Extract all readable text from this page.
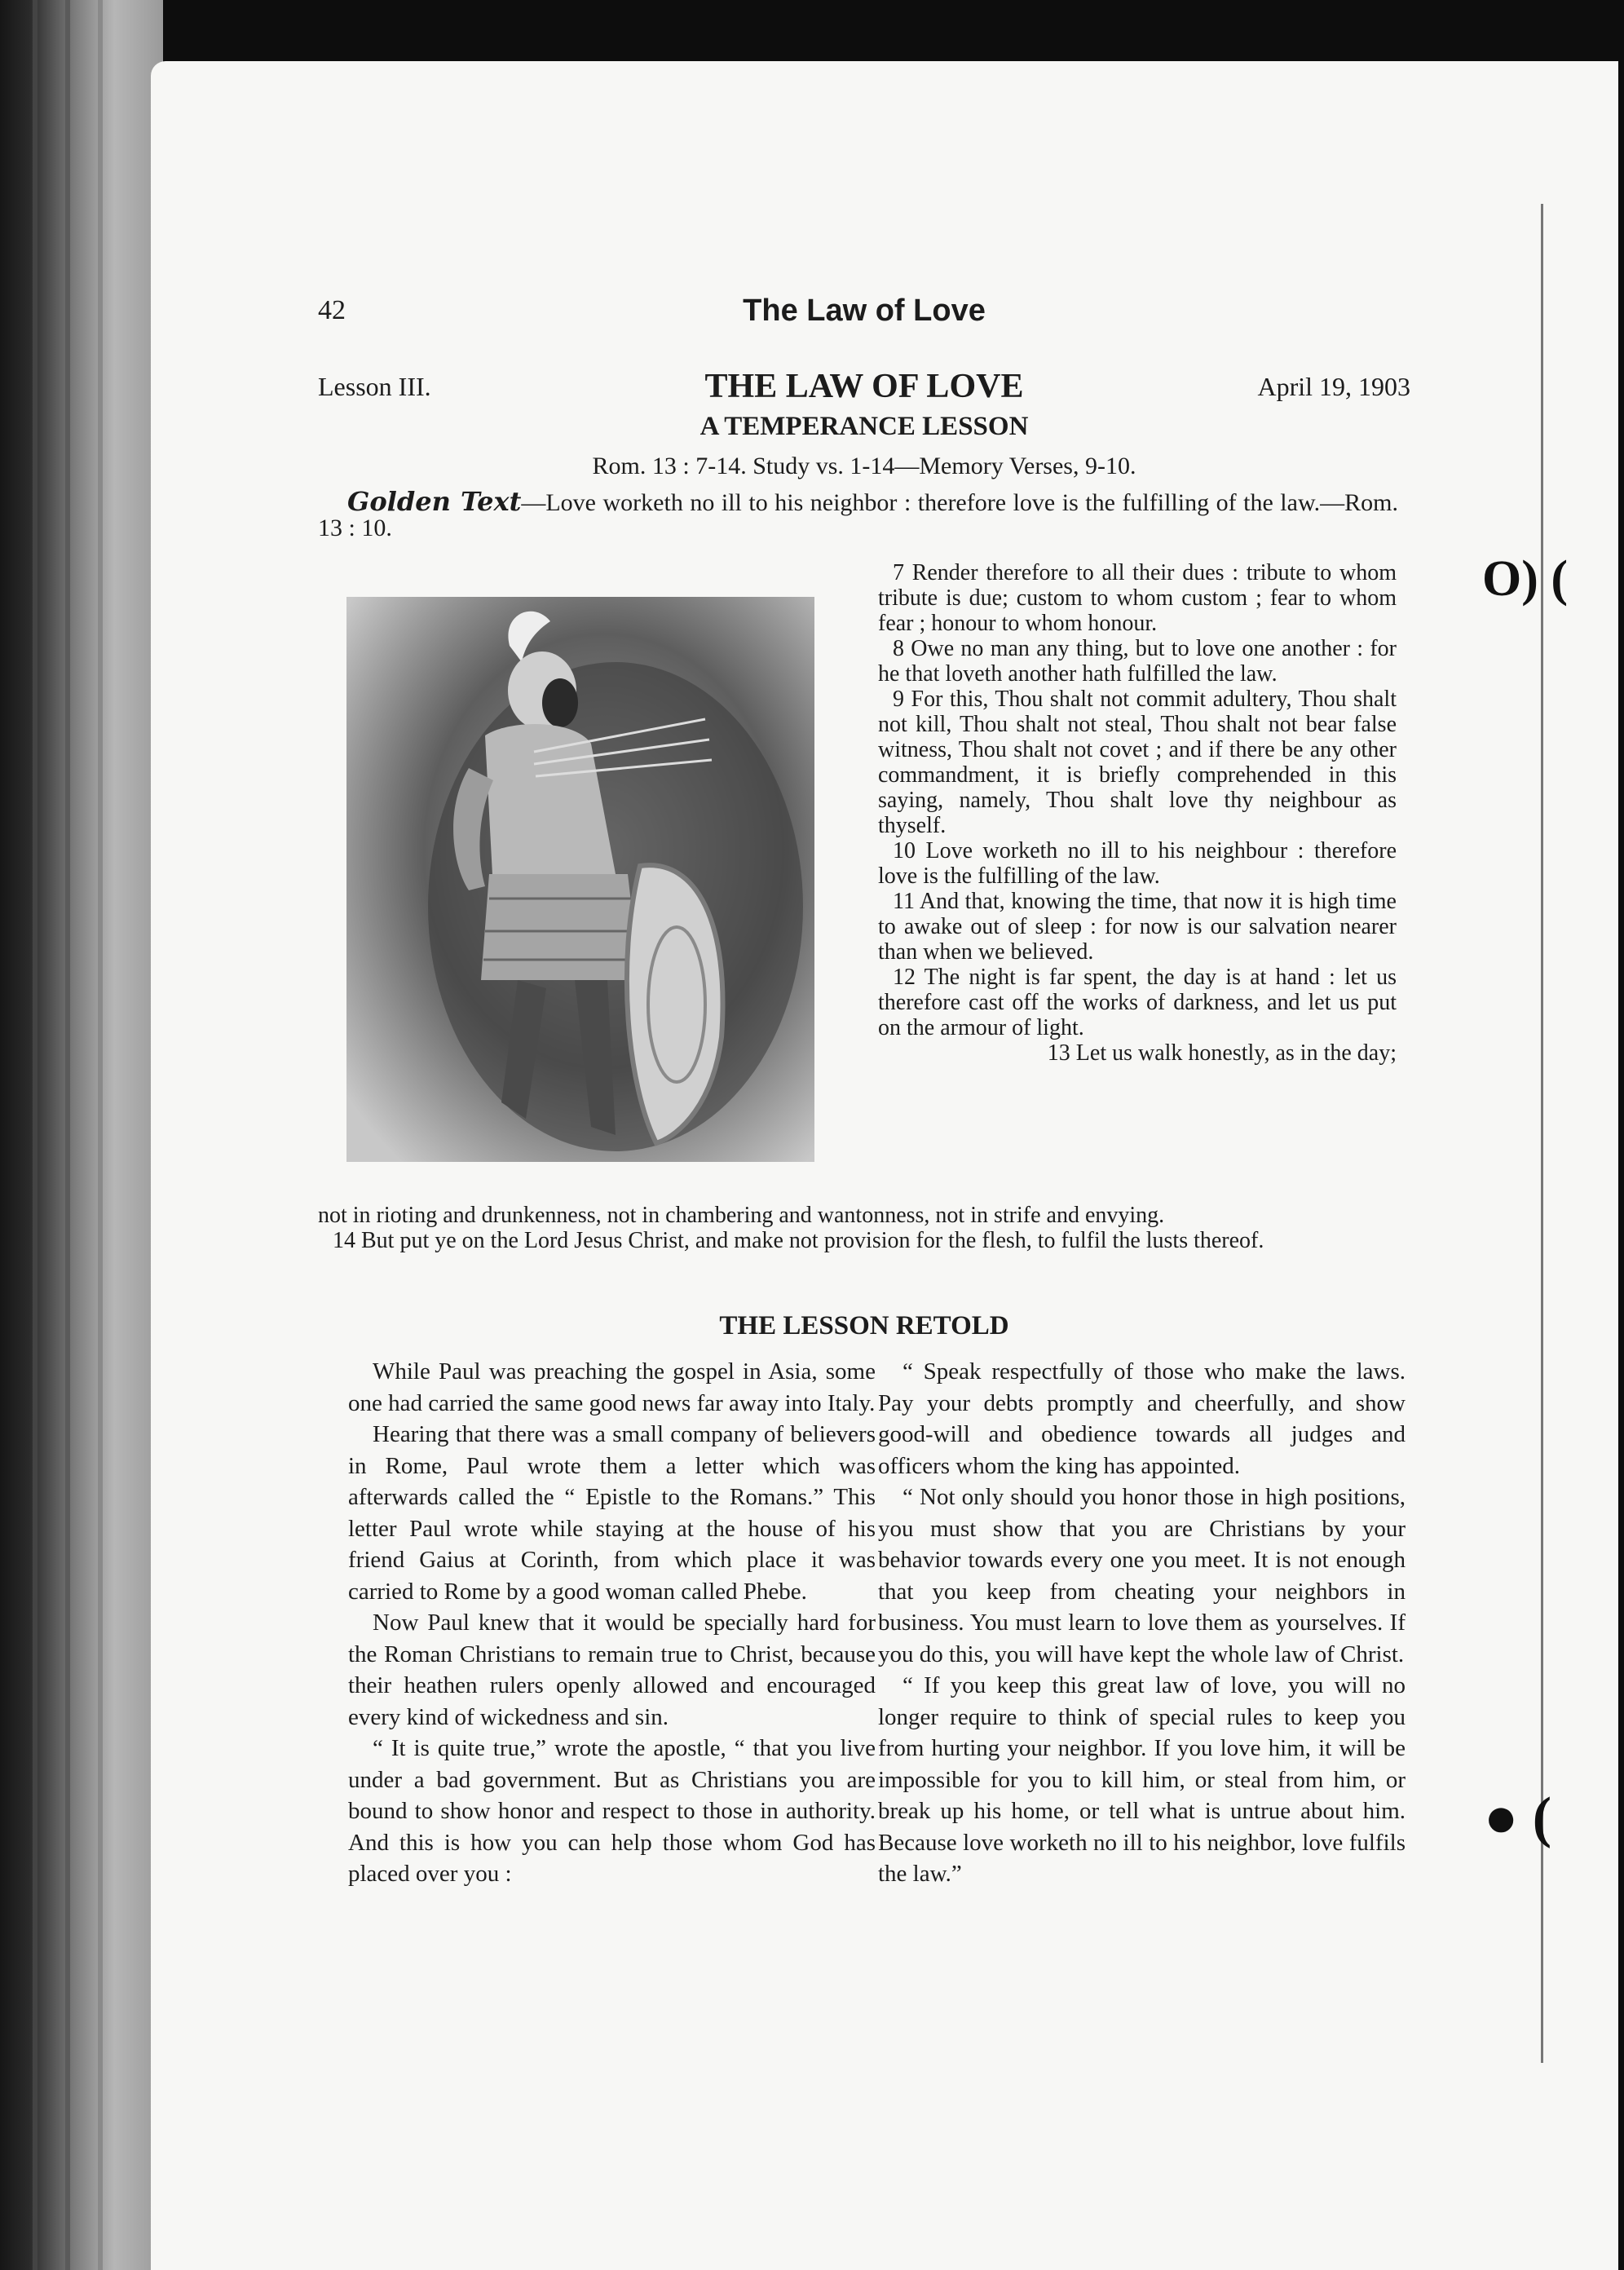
42	The Law of Love
Lesson III.	THE LAW OF LOVE	April 19, 1903
A TEMPERANCE LESSON
Rom. 13 : 7-14. Study vs. 1-14—Memory Verses, 9-10.
Golden Text—Love worketh no ill to his neighbor : therefore love is the fulfilling of the law.—Rom. 13 : 10.

7 Render therefore to all their dues : tribute to whom tribute is due; custom to whom custom ; fear to whom fear ; honour to whom honour.

8 Owe no man any thing, but to love one another : for he that loveth another hath fulfilled the law.

9 For this, Thou shalt not commit adultery, Thou shalt not kill, Thou shalt not steal, Thou shalt not bear false witness, Thou shalt not covet ; and if there be any other commandment, it is briefly comprehended in this saying, namely, Thou shalt love thy neighbour as thyself.

10 Love worketh no ill to his neighbour : therefore love is the fulfilling of the law.

11 And that, knowing the time, that now it is high time to awake out of sleep : for now is our salvation nearer than when we believed.

12 The night is far spent, the day is at hand : let us therefore cast off the works of darkness, and let us put on the armour of light.

13 Let us walk honestly, as in the day;

not in rioting and drunkenness, not in chambering and wantonness, not in strife and envying.

14 But put ye on the Lord Jesus Christ, and make not provision for the flesh, to fulfil the lusts thereof.

THE LESSON RETOLD

While Paul was preaching the gospel in Asia, some one had carried the same good news far away into Italy.

Hearing that there was a small company of believers in Rome, Paul wrote them a letter which was afterwards called the “ Epistle to the Romans.” This letter Paul wrote while staying at the house of his friend Gaius at Corinth, from which place it was carried to Rome by a good woman called Phebe.

Now Paul knew that it would be specially hard for the Roman Christians to remain true to Christ, because their heathen rulers openly allowed and encouraged every kind of wickedness and sin.

“ It is quite true,” wrote the apostle, “ that you live under a bad government. But as Christians you are bound to show honor and respect to those in authority. And this is how you can help those whom God has placed over you :

“ Speak respectfully of those who make the laws. Pay your debts promptly and cheerfully, and show good-will and obedience towards all judges and officers whom the king has appointed.

“ Not only should you honor those in high positions, you must show that you are Christians by your behavior towards every one you meet. It is not enough that you keep from cheating your neighbors in business. You must learn to love them as yourselves. If you do this, you will have kept the whole law of Christ.

“ If you keep this great law of love, you will no longer require to think of special rules to keep you from hurting your neighbor. If you love him, it will be impossible for you to kill him, or steal from him, or break up his home, or tell what is untrue about him. Because love worketh no ill to his neighbor, love fulfils the law.”

O) (
● (
